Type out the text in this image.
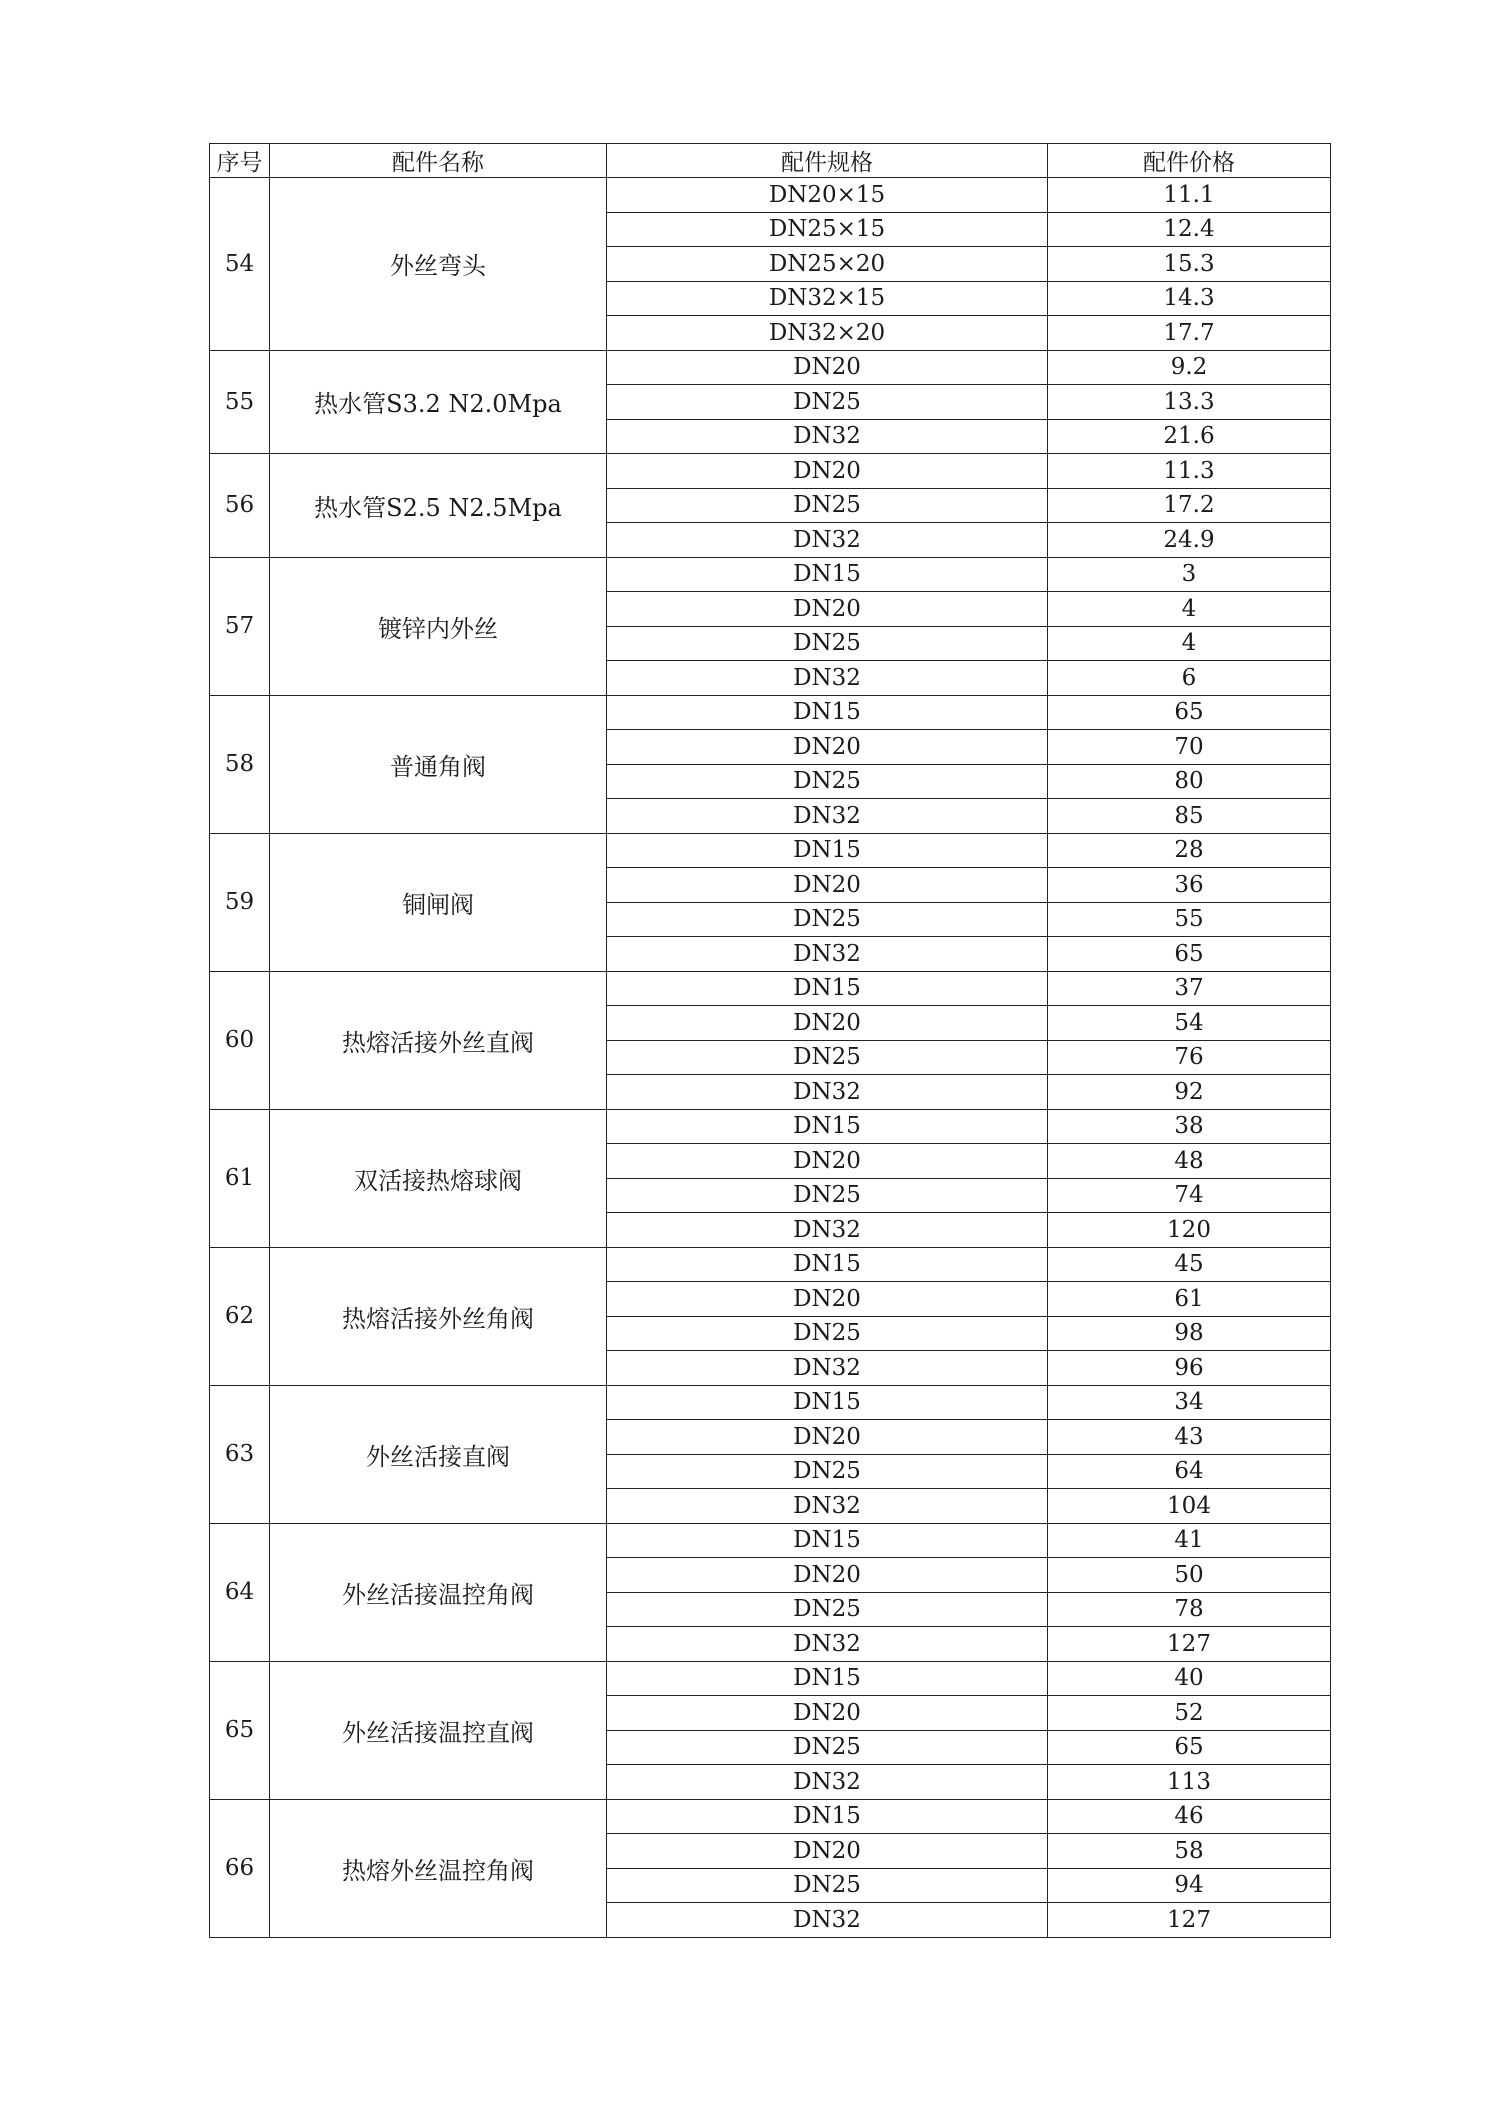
序号	配件名称	配件规格	配件价格
54	外丝弯头	DN20×15	11.1
		DN25×15	12.4
		DN25×20	15.3
		DN32×15	14.3
		DN32×20	17.7
55	热水管S3.2 N2.0Mpa	DN20	9.2
		DN25	13.3
		DN32	21.6
56	热水管S2.5 N2.5Mpa	DN20	11.3
		DN25	17.2
		DN32	24.9
57	镀锌内外丝	DN15	3
		DN20	4
		DN25	4
		DN32	6
58	普通角阀	DN15	65
		DN20	70
		DN25	80
		DN32	85
59	铜闸阀	DN15	28
		DN20	36
		DN25	55
		DN32	65
60	热熔活接外丝直阀	DN15	37
		DN20	54
		DN25	76
		DN32	92
61	双活接热熔球阀	DN15	38
		DN20	48
		DN25	74
		DN32	120
62	热熔活接外丝角阀	DN15	45
		DN20	61
		DN25	98
		DN32	96
63	外丝活接直阀	DN15	34
		DN20	43
		DN25	64
		DN32	104
64	外丝活接温控角阀	DN15	41
		DN20	50
		DN25	78
		DN32	127
65	外丝活接温控直阀	DN15	40
		DN20	52
		DN25	65
		DN32	113
66	热熔外丝温控角阀	DN15	46
		DN20	58
		DN25	94
		DN32	127
